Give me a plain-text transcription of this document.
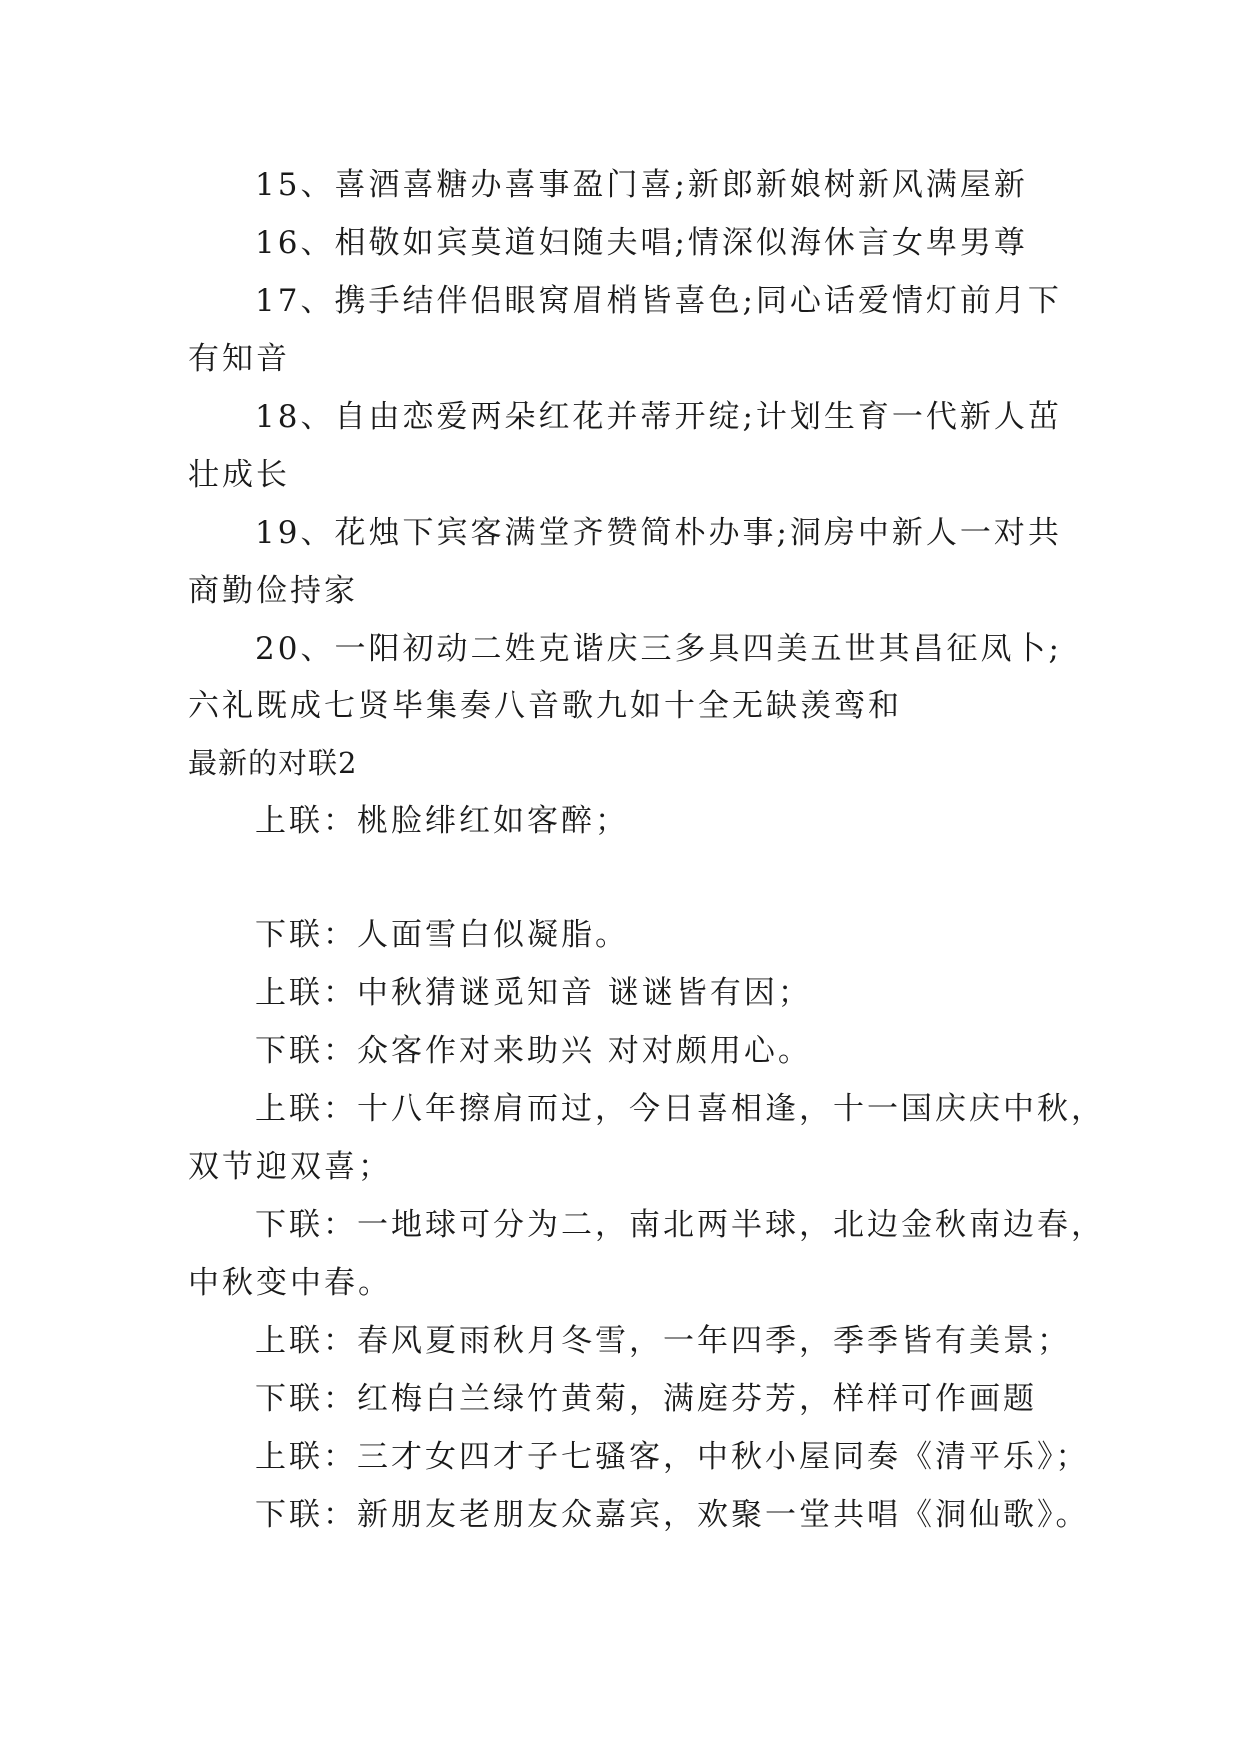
15、喜酒喜糖办喜事盈门喜;新郎新娘树新风满屋新
16、相敬如宾莫道妇随夫唱;情深似海休言女卑男尊
17、携手结伴侣眼窝眉梢皆喜色;同心话爱情灯前月下
有知音
18、自由恋爱两朵红花并蒂开绽;计划生育一代新人茁
壮成长
19、花烛下宾客满堂齐赞简朴办事;洞房中新人一对共
商勤俭持家
20、一阳初动二姓克谐庆三多具四美五世其昌征凤卜;
六礼既成七贤毕集奏八音歌九如十全无缺羡鸾和
最新的对联2
上联：桃脸绯红如客醉；
下联：人面雪白似凝脂。
上联：中秋猜谜觅知音 谜谜皆有因；
下联：众客作对来助兴 对对颇用心。
上联：十八年擦肩而过，今日喜相逢，十一国庆庆中秋，
双节迎双喜；
下联：一地球可分为二，南北两半球，北边金秋南边春，
中秋变中春。
上联：春风夏雨秋月冬雪，一年四季，季季皆有美景；
下联：红梅白兰绿竹黄菊，满庭芬芳，样样可作画题
上联：三才女四才子七骚客，中秋小屋同奏《清平乐》；
下联：新朋友老朋友众嘉宾，欢聚一堂共唱《洞仙歌》。
